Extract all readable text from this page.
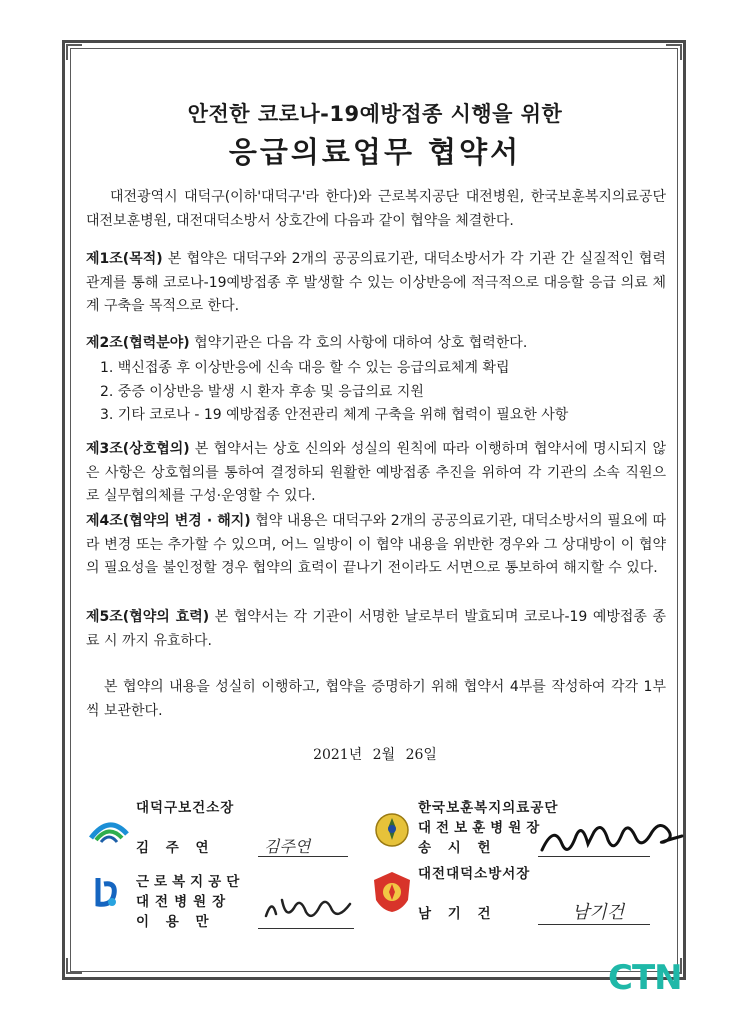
안전한 코로나-19예방접종 시행을 위한
응급의료업무 협약서
대전광역시 대덕구(이하'대덕구'라 한다)와 근로복지공단 대전병원, 한국보훈복지의료공단 대전보훈병원, 대전대덕소방서 상호간에 다음과 같이 협약을 체결한다.
제1조(목적) 본 협약은 대덕구와 2개의 공공의료기관, 대덕소방서가 각 기관 간 실질적인 협력 관계를 통해 코로나-19예방접종 후 발생할 수 있는 이상반응에 적극적으로 대응할 응급 의료 체계 구축을 목적으로 한다.
제2조(협력분야) 협약기관은 다음 각 호의 사항에 대하여 상호 협력한다.
1. 백신접종 후 이상반응에 신속 대응 할 수 있는 응급의료체계 확립
2. 중증 이상반응 발생 시 환자 후송 및 응급의료 지원
3. 기타 코로나 - 19 예방접종 안전관리 체계 구축을 위해 협력이 필요한 사항
제3조(상호협의) 본 협약서는 상호 신의와 성실의 원칙에 따라 이행하며 협약서에 명시되지 않은 사항은 상호협의를 통하여 결정하되 원활한 예방접종 추진을 위하여 각 기관의 소속 직원으로 실무협의체를 구성·운영할 수 있다.
제4조(협약의 변경 · 해지) 협약 내용은 대덕구와 2개의 공공의료기관, 대덕소방서의 필요에 따라 변경 또는 추가할 수 있으며, 어느 일방이 이 협약 내용을 위반한 경우와 그 상대방이 이 협약의 필요성을 불인정할 경우 협약의 효력이 끝나기 전이라도 서면으로 통보하여 해지할 수 있다.
제5조(협약의 효력) 본 협약서는 각 기관이 서명한 날로부터 발효되며 코로나-19 예방접종 종료 시 까지 유효하다.
본 협약의 내용을 성실히 이행하고, 협약을 증명하기 위해 협약서 4부를 작성하여 각각 1부씩 보관한다.
2021년 2월 26일
대덕구보건소장
김 주 연	김주연
한국보훈복지의료공단
대전보훈병원장
송 시 헌
근로복지공단
대전병원장
이 용 만
대전대덕소방서장
남 기 건	남기건
CTN
